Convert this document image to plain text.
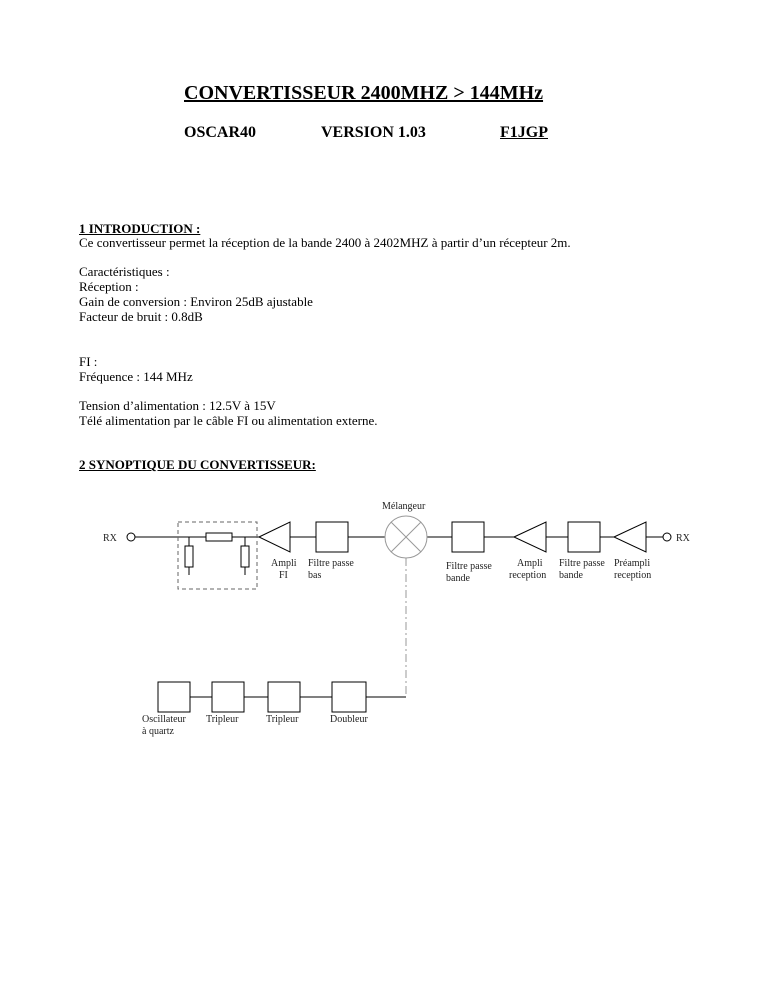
CONVERTISSEUR 2400MHZ > 144MHz
OSCAR40	VERSION 1.03	F1JGP
1 INTRODUCTION :
Ce convertisseur permet la réception de la bande 2400 à 2402MHZ à partir d’un récepteur 2m.
Caractéristiques :
Réception :
Gain de conversion : Environ 25dB ajustable
Facteur de bruit : 0.8dB
FI :
Fréquence : 144 MHz
Tension d’alimentation : 12.5V à 15V
Télé alimentation par le câble FI ou alimentation externe.
2 SYNOPTIQUE DU CONVERTISSEUR:
RX	RX
Ampli
FI
Filtre passe
bas
Mélangeur
Filtre passe
bande
Ampli
reception
Filtre passe
bande
Préampli
reception
Oscillateur
à quartz
Tripleur	Tripleur	Doubleur
